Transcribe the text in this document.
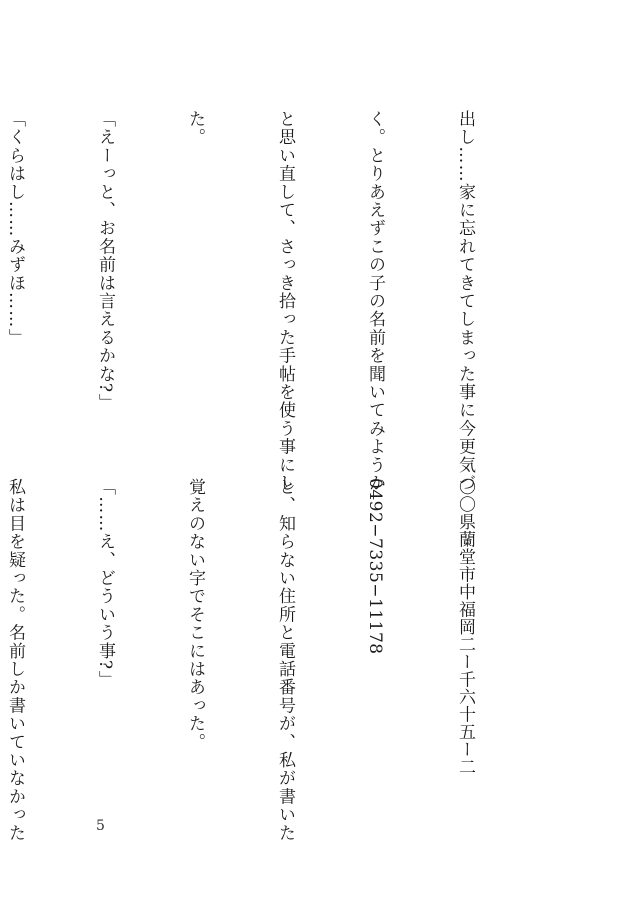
出し……家に忘れてきてしまった事に今更気づ

く。とりあえずこの子の名前を聞いてみようか

と思い直して、さっき拾った手帖を使う事にし

た。

「えーっと、お名前は言えるかな?」

「くらはし……みずほ……」

〇〇県蘭堂市中福岡二ー千六十五ー二

0492−7335−11178

と、知らない住所と電話番号が、私が書いた

覚えのない字でそこにはあった。

「……え、どういう事?」

私は目を疑った。名前しか書いていなかった

	5
